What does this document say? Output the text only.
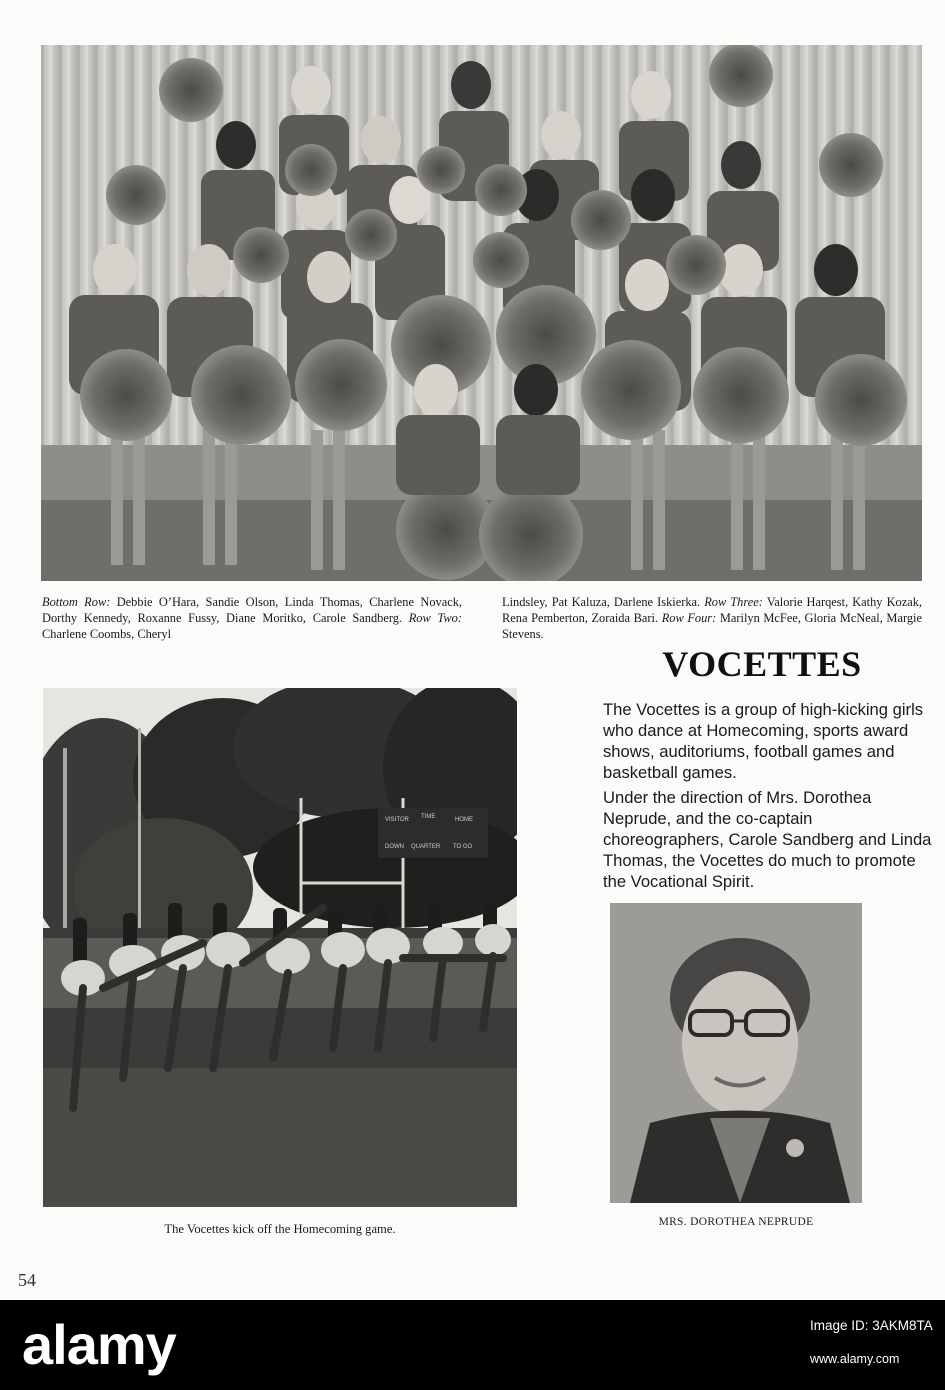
Bottom Row: Debbie O’Hara, Sandie Olson, Linda Thomas, Charlene Novack, Dorthy Kennedy, Roxanne Fussy, Diane Moritko, Carole Sandberg. Row Two: Charlene Coombs, Cheryl
Lindsley, Pat Kaluza, Darlene Iskierka. Row Three: Valorie Harqest, Kathy Kozak, Rena Pemberton, Zoraida Bari. Row Four: Marilyn McFee, Gloria McNeal, Margie Stevens.
VOCETTES
The Vocettes is a group of high-kicking girls who dance at Homecoming, sports award shows, auditoriums, football games and basketball games.
Under the direction of Mrs. Dorothea Neprude, and the co-captain choreographers, Carole Sandberg and Linda Thomas, the Vocettes do much to promote the Vocational Spirit.
VISITOR TIME	HOME
DOWN QUARTER TO GO
The Vocettes kick off the Homecoming game.	MRS. DOROTHEA NEPRUDE
54
alamy	Image ID: 3AKM8TA
www.alamy.com
